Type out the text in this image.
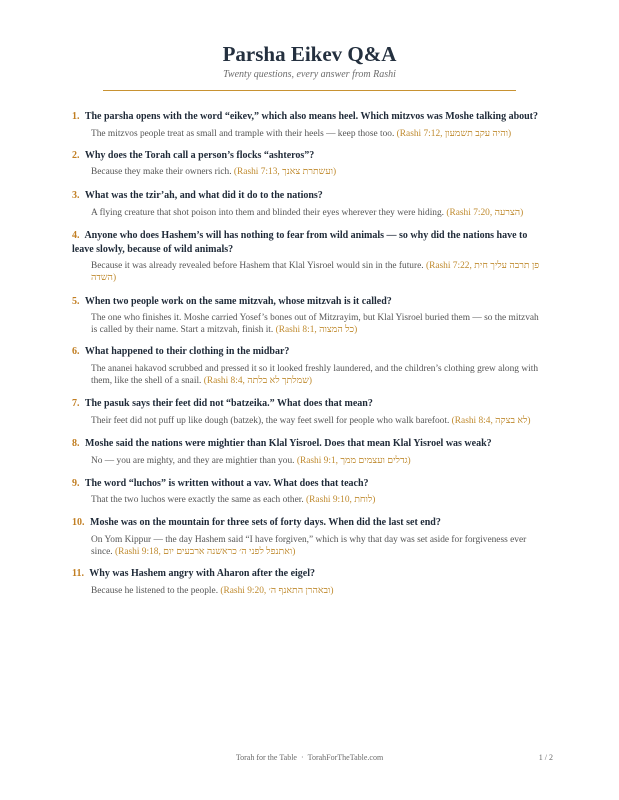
Parsha Eikev Q&A
Twenty questions, every answer from Rashi
1. The parsha opens with the word “eikev,” which also means heel. Which mitzvos was Moshe talking about?
The mitzvos people treat as small and trample with their heels — keep those too. (Rashi 7:12, והיה עקב תשמעון)
2. Why does the Torah call a person’s flocks “ashteros”?
Because they make their owners rich. (Rashi 7:13, ועשתרת צאנך)
3. What was the tzir’ah, and what did it do to the nations?
A flying creature that shot poison into them and blinded their eyes wherever they were hiding. (Rashi 7:20, הצרעה)
4. Anyone who does Hashem’s will has nothing to fear from wild animals — so why did the nations have to leave slowly, because of wild animals?
Because it was already revealed before Hashem that Klal Yisroel would sin in the future. (Rashi 7:22, פן תרבה עליך חית השדה)
5. When two people work on the same mitzvah, whose mitzvah is it called?
The one who finishes it. Moshe carried Yosef’s bones out of Mitzrayim, but Klal Yisroel buried them — so the mitzvah is called by their name. Start a mitzvah, finish it. (Rashi 8:1, כל המצוה)
6. What happened to their clothing in the midbar?
The ananei hakavod scrubbed and pressed it so it looked freshly laundered, and the children’s clothing grew along with them, like the shell of a snail. (Rashi 8:4, שמלתך לא בלתה)
7. The pasuk says their feet did not “batzeika.” What does that mean?
Their feet did not puff up like dough (batzek), the way feet swell for people who walk barefoot. (Rashi 8:4, לא בצקה)
8. Moshe said the nations were mightier than Klal Yisroel. Does that mean Klal Yisroel was weak?
No — you are mighty, and they are mightier than you. (Rashi 9:1, גדלים ועצמים ממך)
9. The word “luchos” is written without a vav. What does that teach?
That the two luchos were exactly the same as each other. (Rashi 9:10, לוחת)
10. Moshe was on the mountain for three sets of forty days. When did the last set end?
On Yom Kippur — the day Hashem said “I have forgiven,” which is why that day was set aside for forgiveness ever since. (Rashi 9:18, ואתנפל לפני ה׳ כראשנה ארבעים יום)
11. Why was Hashem angry with Aharon after the eigel?
Because he listened to the people. (Rashi 9:20, ובאהרן התאנף ה׳)
Torah for the Table · TorahForTheTable.com	1 / 2
